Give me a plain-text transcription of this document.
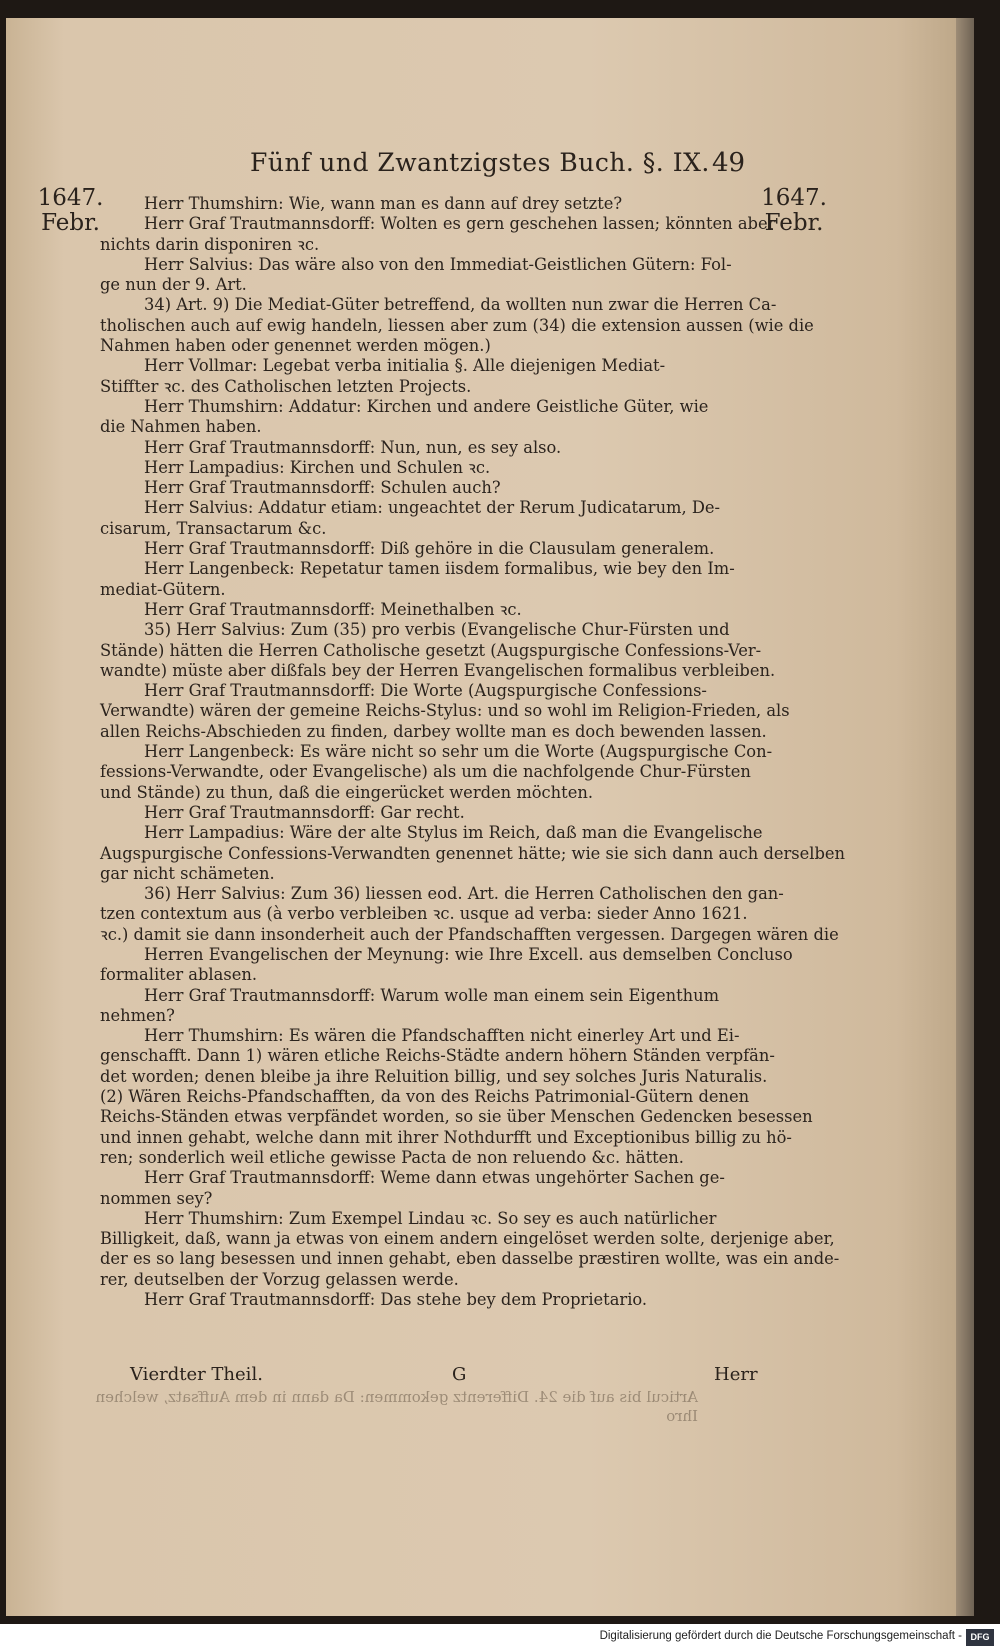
Fünf und Zwantzigstes Buch. §. IX. 49
1647.
Febr.
1647.
Febr.
Herr Thumshirn: Wie, wann man es dann auf drey setzte?
Herr Graf Trautmannsdorff: Wolten es gern geschehen lassen; könnten aber
nichts darin disponiren ꝛc.
Herr Salvius: Das wäre also von den Immediat-Geistlichen Gütern: Fol-
ge nun der 9. Art.
34) Art. 9) Die Mediat-Güter betreffend, da wollten nun zwar die Herren Ca-
tholischen auch auf ewig handeln, liessen aber zum (34) die extension aussen (wie die
Nahmen haben oder genennet werden mögen.)
Herr Vollmar: Legebat verba initialia §. Alle diejenigen Mediat-
Stiffter ꝛc. des Catholischen letzten Projects.
Herr Thumshirn: Addatur: Kirchen und andere Geistliche Güter, wie
die Nahmen haben.
Herr Graf Trautmannsdorff: Nun, nun, es sey also.
Herr Lampadius: Kirchen und Schulen ꝛc.
Herr Graf Trautmannsdorff: Schulen auch?
Herr Salvius: Addatur etiam: ungeachtet der Rerum Judicatarum, De-
cisarum, Transactarum &c.
Herr Graf Trautmannsdorff: Diß gehöre in die Clausulam generalem.
Herr Langenbeck: Repetatur tamen iisdem formalibus, wie bey den Im-
mediat-Gütern.
Herr Graf Trautmannsdorff: Meinethalben ꝛc.
35) Herr Salvius: Zum (35) pro verbis (Evangelische Chur-Fürsten und
Stände) hätten die Herren Catholische gesetzt (Augspurgische Confessions-Ver-
wandte) müste aber dißfals bey der Herren Evangelischen formalibus verbleiben.
Herr Graf Trautmannsdorff: Die Worte (Augspurgische Confessions-
Verwandte) wären der gemeine Reichs-Stylus: und so wohl im Religion-Frieden, als
allen Reichs-Abschieden zu finden, darbey wollte man es doch bewenden lassen.
Herr Langenbeck: Es wäre nicht so sehr um die Worte (Augspurgische Con-
fessions-Verwandte, oder Evangelische) als um die nachfolgende Chur-Fürsten
und Stände) zu thun, daß die eingerücket werden möchten.
Herr Graf Trautmannsdorff: Gar recht.
Herr Lampadius: Wäre der alte Stylus im Reich, daß man die Evangelische
Augspurgische Confessions-Verwandten genennet hätte; wie sie sich dann auch derselben
gar nicht schämeten.
36) Herr Salvius: Zum 36) liessen eod. Art. die Herren Catholischen den gan-
tzen contextum aus (à verbo verbleiben ꝛc. usque ad verba: sieder Anno 1621.
ꝛc.) damit sie dann insonderheit auch der Pfandschafften vergessen. Dargegen wären die
Herren Evangelischen der Meynung: wie Ihre Excell. aus demselben Concluso
formaliter ablasen.
Herr Graf Trautmannsdorff: Warum wolle man einem sein Eigenthum
nehmen?
Herr Thumshirn: Es wären die Pfandschafften nicht einerley Art und Ei-
genschafft. Dann 1) wären etliche Reichs-Städte andern höhern Ständen verpfän-
det worden; denen bleibe ja ihre Reluition billig, und sey solches Juris Naturalis.
(2) Wären Reichs-Pfandschafften, da von des Reichs Patrimonial-Gütern denen
Reichs-Ständen etwas verpfändet worden, so sie über Menschen Gedencken besessen
und innen gehabt, welche dann mit ihrer Nothdurfft und Exceptionibus billig zu hö-
ren; sonderlich weil etliche gewisse Pacta de non reluendo &c. hätten.
Herr Graf Trautmannsdorff: Weme dann etwas ungehörter Sachen ge-
nommen sey?
Herr Thumshirn: Zum Exempel Lindau ꝛc. So sey es auch natürlicher
Billigkeit, daß, wann ja etwas von einem andern eingelöset werden solte, derjenige aber,
der es so lang besessen und innen gehabt, eben dasselbe præstiren wollte, was ein ande-
rer, deutselben der Vorzug gelassen werde.
Herr Graf Trautmannsdorff: Das stehe bey dem Proprietario.
Vierdter Theil.	G	Herr
Articul bis auf die 24. Differentz gekommen: Da dann in dem Auffsatz, welchen
Ihro
Digitalisierung gefördert durch die Deutsche Forschungsgemeinschaft - DFG
